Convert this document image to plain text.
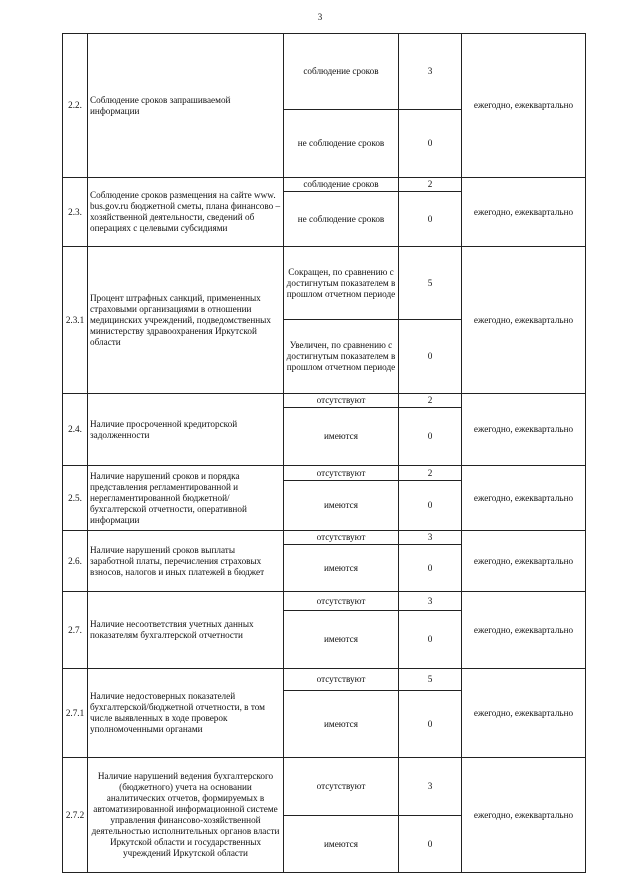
3
2.2.	Соблюдение сроков запрашиваемой информации	соблюдение сроков	3	ежегодно, ежеквартально
		не соблюдение сроков	0	
2.3.	Соблюдение сроков размещения на сайте www. bus.gov.ru бюджетной сметы, плана финансово – хозяйственной деятельности, сведений об операциях с целевыми субсидиями	соблюдение сроков	2	ежегодно, ежеквартально
		не соблюдение сроков	0	
2.3.1	Процент штрафных санкций, примененных страховыми организациями в отношении медицинских учреждений, подведомственных министерству здравоохранения Иркутской области	Сокращен, по сравнению с достигнутым показателем в прошлом отчетном периоде	5	ежегодно, ежеквартально
		Увеличен, по сравнению с достигнутым показателем в прошлом отчетном периоде	0	
2.4.	Наличие просроченной кредиторской задолженности	отсутствуют	2	ежегодно, ежеквартально
		имеются	0	
2.5.	Наличие нарушений сроков и порядка представления регламентированной и нерегламентированной бюджетной/бухгалтерской отчетности, оперативной информации	отсутствуют	2	ежегодно, ежеквартально
		имеются	0	
2.6.	Наличие нарушений сроков выплаты заработной платы, перечисления страховых взносов, налогов и иных платежей в бюджет	отсутствуют	3	ежегодно, ежеквартально
		имеются	0	
2.7.	Наличие несоответствия учетных данных показателям бухгалтерской отчетности	отсутствуют	3	ежегодно, ежеквартально
		имеются	0	
2.7.1	Наличие недостоверных показателей бухгалтерской/бюджетной отчетности, в том числе выявленных в ходе проверок уполномоченными органами	отсутствуют	5	ежегодно, ежеквартально
		имеются	0	
2.7.2	Наличие нарушений ведения бухгалтерского (бюджетного) учета на основании аналитических отчетов, формируемых в автоматизированной информационной системе управления финансово-хозяйственной деятельностью исполнительных органов власти Иркутской области и государственных учреждений Иркутской области	отсутствуют	3	ежегодно, ежеквартально
		имеются	0	
